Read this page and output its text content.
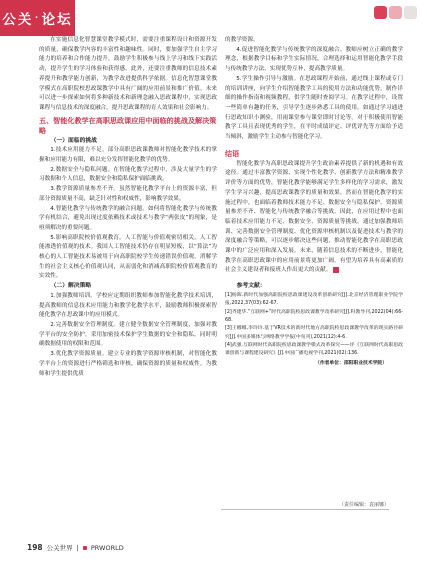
公关 · 论坛

在实施信息化智慧课堂教学模式时，需要注重课程设计和资源开发的质量，确保教学内容的丰富性和趣味性。同时，要加强学生自主学习能力的培养和合作能力提升，鼓励学生积极参与线上学习和线下实践活动，提升学生的学习体验和获得感。此外，还要注重教师的信息技术素养提升和教学能力创新，为教学改进提供科学依据。信息化智慧课堂教学模式在高职院校思政课教学中具有广阔的应用前景和推广价值。未来可以进一步探索如何将多种新技术和新理念融入思政课程中，实现思政课程与信息技术的深度融合，提升思政课程的育人效果和社会影响力。

五、智能化教学在高职思政课应用中面临的挑战及解决策略
（一）面临的挑战

1.技术应用能力不足。部分高职思政课教师对智能化教学技术的掌握和应用能力有限，难以充分发挥智能化教学的优势。

2.数据安全与隐私问题。在智能化教学过程中，涉及大量学生的学习数据和个人信息，数据安全和隐私保护面临挑战。

3.教学资源质量参差不齐。虽然智能化教学平台上的资源丰富，但部分资源质量不高，缺乏针对性和权威性，影响教学效果。

4.智能化教学与传统教学的融合问题。如何将智能化教学与传统教学有机结合，避免出现过度依赖技术或技术与教学“两张皮”的现象，是亟须解决的重要问题。

5.影响高职院校价值观教育。人工智能与价值观密切相关，人工智能渗透价值观的技术。我国人工智能技术仍存在明显短板，以“算法”为核心的人工智能技术易被用于向高职院校学生传递错误价值观，消解学生的社会主义核心价值观认同，从而弱化和消减高职院校价值观教育的实效性。

（二）解决策略

1.加强教师培训。学校应定期组织教师参加智能化教学技术培训，提高教师的信息技术应用能力和教学化教学水平，鼓励教师积极探索智能化教学在思政课中的应用模式。

2.完善数据安全管理制度。建立健全数据安全管理制度，加强对教学平台的安全防护，采用加密技术保护学生数据的安全和隐私。同时明确数据使用的权限和范围。

3.优化教学资源质量。建立专业的教学资源审核机制，对智能化教学平台上的资源进行严格筛选和审核，确保资源的质量和权威性。为教师和学生提供优质

的教学资源。

4.促进智能化教学与传统教学的深度融合。教师应树立正确的教学理念，根据教学目标和学生实际情况，合理选择和运用智能化教学手段与传统教学方法，实现优势互补，提高教学质量。

5.学生操作引导与激励。在思政课程开始前，通过线上课程或专门的培训讲座，向学生介绍智能教学工具的使用方法和功能优势，制作详细的操作指南和视频教程，供学生随时查阅学习。在教学过程中，设置一些简单有趣的任务，引导学生逐步熟悉工具的使用。如通过学习通进行思政知识小测验，用雨课堂参与课堂即时讨论等。对于积极使用智能教学工具且表现优秀的学生，在平时成绩评定、评优评先等方面给予适当倾斜，激励学生主动参与智能化学习。

结语

智能化教学为高职思政课提升学生政治素养提供了新的机遇和有效途径。通过丰富教学资源、实现个性化教学、创新教学方法和精准教学评价等方面的优势，智能化教学能够满足学生多样化的学习需求，激发学生学习兴趣，提高思政课教学的质量和效果。然而在智能化教学的实施过程中，也面临着教师技术能力不足、数据安全与隐私保护、资源质量参差不齐、智能化与传统教学融合等挑战。因此，在应用过程中也面临着技术应用能力不足、数据安全、资源质量等挑战。通过加强教师培训、完善数据安全管理制度、优化资源审核机制以及促进技术与教学的深度融合等策略，可以逐步解决这些问题，推动智能化教学在高职思政课中的广泛应用和深入发展。未来，随着信息技术的不断进步，智能化教学在高职思政课中的应用前景将更加广阔，有望为培养具有高素质的社会主义建设者和接班人作出更大的贡献。

参考文献：
[1]杨晖.新时代加强高职院校思政课建设改革创新研究[J].北京经济管理职业学院学报,2022,37(03):62-67.
[2]齐建华.“互联网+”时代高职院校思政课教学改革研究[J].科教导刊,2022(04):66-68.
[3]王娜娜,李玲玲.基于VR技术的新时代地方高职院校思政课教学改革的现实路径研究[J].中国多媒体与网络教学学报(中旬刊),2021(12):4-6.
[4]武强.互联网时代高职院校思政课教学模式改革探究——评《互联网时代高职思政课创新与课程建设研究》[J].中国广播电视学刊,2021(02):136.
（作者单位：邵阳职业技术学院）
（责任编辑：袁丽娜）
198 公关世界 | PRWORLD
